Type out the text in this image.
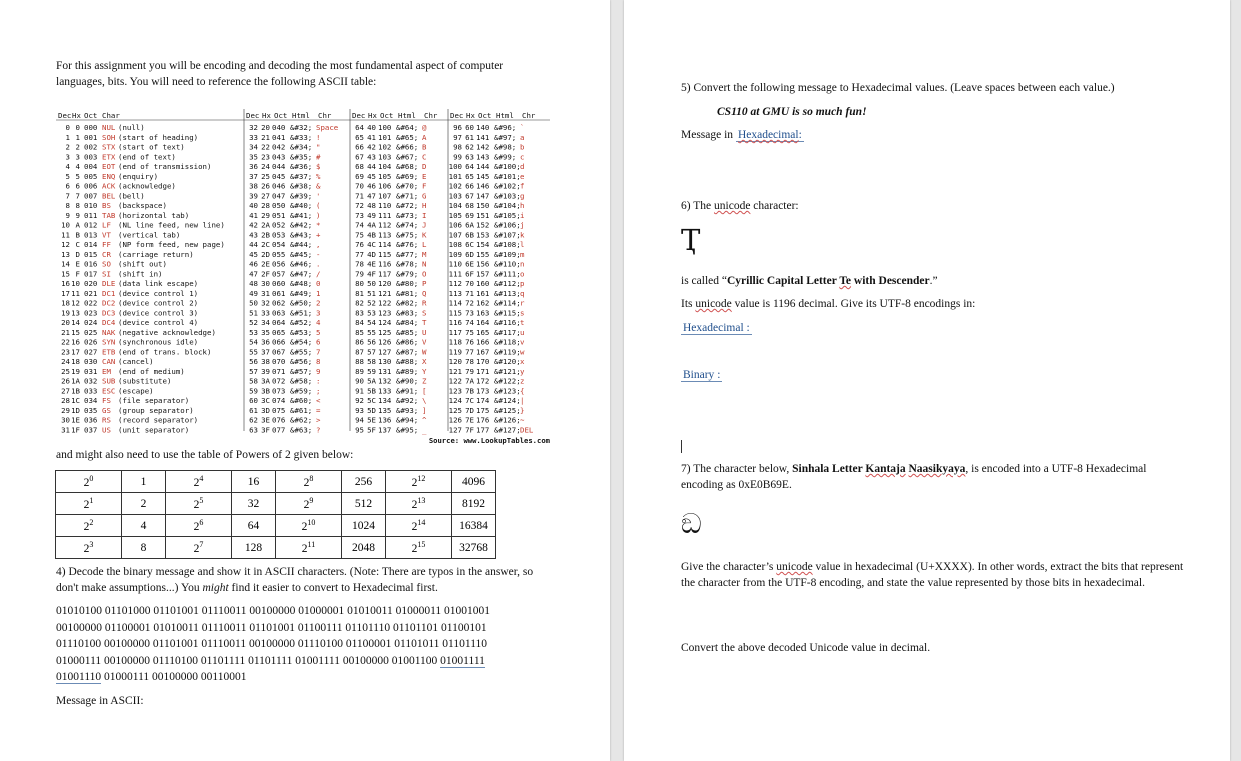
For this assignment you will be encoding and decoding the most fundamental aspect of computer languages, bits. You will need to reference the following ASCII table:

Dec Hx Oct Char	Dec Hx Oct Html Chr	Dec Hx Oct Html Chr Dec Hx Oct Html Chr
0 0 000 NUL (null)	32 20 040 &#32; Space 64 40 100 &#64; @	96 60 140 &#96; `
1 1 001 SOH (start of heading)	33 21 041 &#33; !	65 41 101 &#65; A	97 61 141 &#97; a
2 2 002 STX (start of text)	34 22 042 &#34; "	66 42 102 &#66; B	98 62 142 &#98; b
3 3 003 ETX (end of text)	35 23 043 &#35; #	67 43 103 &#67; C	99 63 143 &#99; c
4 4 004 EOT (end of transmission)	36 24 044 &#36; $	68 44 104 &#68; D	100 64 144 &#100; d
5 5 005 ENQ (enquiry)	37 25 045 &#37; %	69 45 105 &#69; E	101 65 145 &#101; e
6 6 006 ACK (acknowledge)	38 26 046 &#38; &	70 46 106 &#70; F	102 66 146 &#102; f
7 7 007 BEL (bell)	39 27 047 &#39; '	71 47 107 &#71; G	103 67 147 &#103; g
8 8 010 BS (backspace)	40 28 050 &#40; (	72 48 110 &#72; H	104 68 150 &#104; h
9 9 011 TAB (horizontal tab)	41 29 051 &#41; )	73 49 111 &#73; I	105 69 151 &#105; i
10 A 012 LF (NL line feed, new line)	42 2A 052 &#42; *	74 4A 112 &#74; J	106 6A 152 &#106; j
11 B 013 VT (vertical tab)	43 2B 053 &#43; +	75 4B 113 &#75; K	107 6B 153 &#107; k
12 C 014 FF (NP form feed, new page)	44 2C 054 &#44; ,	76 4C 114 &#76; L	108 6C 154 &#108; l
13 D 015 CR (carriage return)	45 2D 055 &#45; -	77 4D 115 &#77; M	109 6D 155 &#109; m
14 E 016 SO (shift out)	46 2E 056 &#46; .	78 4E 116 &#78; N	110 6E 156 &#110; n
15 F 017 SI (shift in)	47 2F 057 &#47; /	79 4F 117 &#79; O	111 6F 157 &#111; o
16 10 020 DLE (data link escape)	48 30 060 &#48; 0	80 50 120 &#80; P	112 70 160 &#112; p
17 11 021 DC1 (device control 1)	49 31 061 &#49; 1	81 51 121 &#81; Q	113 71 161 &#113; q
18 12 022 DC2 (device control 2)	50 32 062 &#50; 2	82 52 122 &#82; R	114 72 162 &#114; r
19 13 023 DC3 (device control 3)	51 33 063 &#51; 3	83 53 123 &#83; S	115 73 163 &#115; s
20 14 024 DC4 (device control 4)	52 34 064 &#52; 4	84 54 124 &#84; T	116 74 164 &#116; t
21 15 025 NAK (negative acknowledge)	53 35 065 &#53; 5	85 55 125 &#85; U	117 75 165 &#117; u
22 16 026 SYN (synchronous idle)	54 36 066 &#54; 6	86 56 126 &#86; V	118 76 166 &#118; v
23 17 027 ETB (end of trans. block)	55 37 067 &#55; 7	87 57 127 &#87; W	119 77 167 &#119; w
24 18 030 CAN (cancel)	56 38 070 &#56; 8	88 58 130 &#88; X	120 78 170 &#120; x
25 19 031 EM (end of medium)	57 39 071 &#57; 9	89 59 131 &#89; Y	121 79 171 &#121; y
26 1A 032 SUB (substitute)	58 3A 072 &#58; :	90 5A 132 &#90; Z	122 7A 172 &#122; z
27 1B 033 ESC (escape)	59 3B 073 &#59; ;	91 5B 133 &#91; [	123 7B 173 &#123; {
28 1C 034 FS (file separator)	60 3C 074 &#60; <	92 5C 134 &#92; \	124 7C 174 &#124; |
29 1D 035 GS (group separator)	61 3D 075 &#61; =	93 5D 135 &#93; ]	125 7D 175 &#125; }
30 1E 036 RS (record separator)	62 3E 076 &#62; >	94 5E 136 &#94; ^	126 7E 176 &#126; ~
31 1F 037 US (unit separator)	63 3F 077 &#63; ?	95 5F 137 &#95; _	127 7F 177 &#127; DEL
Source: www.LookupTables.com

and might also need to use the table of Powers of 2 given below:

$2^0$	1	$2^4$	16	$2^8$	256	$2^{12}$	4096
$2^1$	2	$2^5$	32	$2^9$	512	$2^{13}$	8192
$2^2$	4	$2^6$	64	$2^{10}$	1024	$2^{14}$	16384
$2^3$	8	$2^7$	128	$2^{11}$	2048	$2^{15}$	32768

4) Decode the binary message and show it in ASCII characters. (Note: There are typos in the answer, so don't make assumptions...) You might find it easier to convert to Hexadecimal first.

01010100 01101000 01101001 01110011 00100000 01000001 01010011 01000011 01001001
00100000 01100001 01010011 01110011 01101001 01100111 01101110 01101101 01100101
01110100 00100000 01101001 01110011 00100000 01110100 01100001 01101011 01101110
01000111 00100000 01110100 01101111 01101111 01001111 00100000 01001100 01001111
01001110 01000111 00100000 00110001

Message in ASCII:

5) Convert the following message to Hexadecimal values. (Leave spaces between each value.)

CS110 at GMU is so much fun!

Message in Hexadecimal:

6) The unicode character:

Ҭ

is called “Cyrillic Capital Letter Te with Descender.”

Its unicode value is 1196 decimal. Give its UTF-8 encodings in:

Hexadecimal :

Binary :

7) The character below, Sinhala Letter Kantaja Naasikyaya, is encoded into a UTF-8 Hexadecimal encoding as 0xE0B69E.

ඞ

Give the character’s unicode value in hexadecimal (U+XXXX). In other words, extract the bits that represent the character from the UTF-8 encoding, and state the value represented by those bits in hexadecimal.

Convert the above decoded Unicode value in decimal.
